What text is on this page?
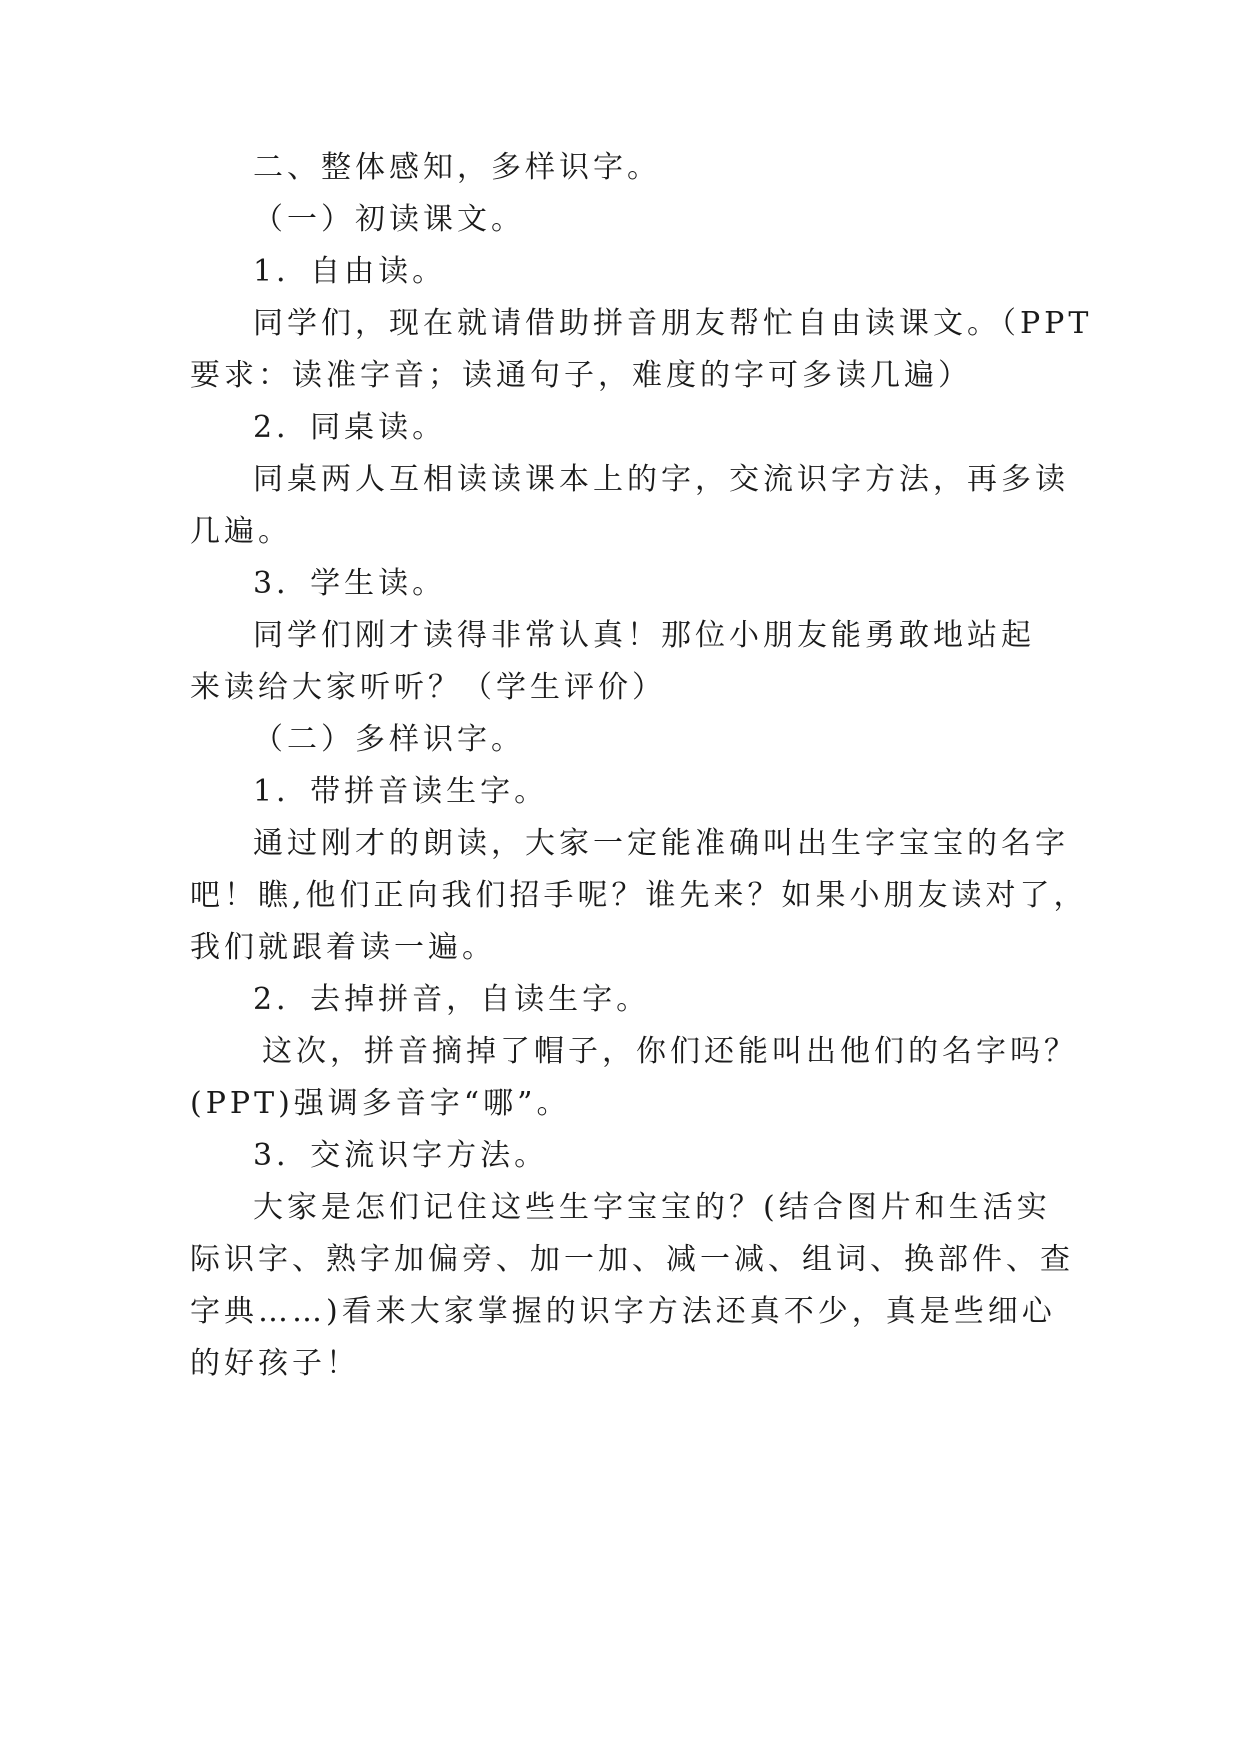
二、整体感知，多样识字。
（一）初读课文。
1．自由读。
同学们，现在就请借助拼音朋友帮忙自由读课文。（PPT
要求：读准字音；读通句子，难度的字可多读几遍）
2．同桌读。
同桌两人互相读读课本上的字，交流识字方法，再多读
几遍。
3．学生读。
同学们刚才读得非常认真！那位小朋友能勇敢地站起
来读给大家听听？（学生评价）
（二）多样识字。
1．带拼音读生字。
通过刚才的朗读，大家一定能准确叫出生字宝宝的名字
吧！瞧,他们正向我们招手呢？谁先来？如果小朋友读对了，
我们就跟着读一遍。
2．去掉拼音，自读生字。
这次，拼音摘掉了帽子，你们还能叫出他们的名字吗？
(PPT)强调多音字“哪”。
3．交流识字方法。
大家是怎们记住这些生字宝宝的？(结合图片和生活实
际识字、熟字加偏旁、加一加、减一减、组词、换部件、查
字典……)看来大家掌握的识字方法还真不少，真是些细心
的好孩子！
